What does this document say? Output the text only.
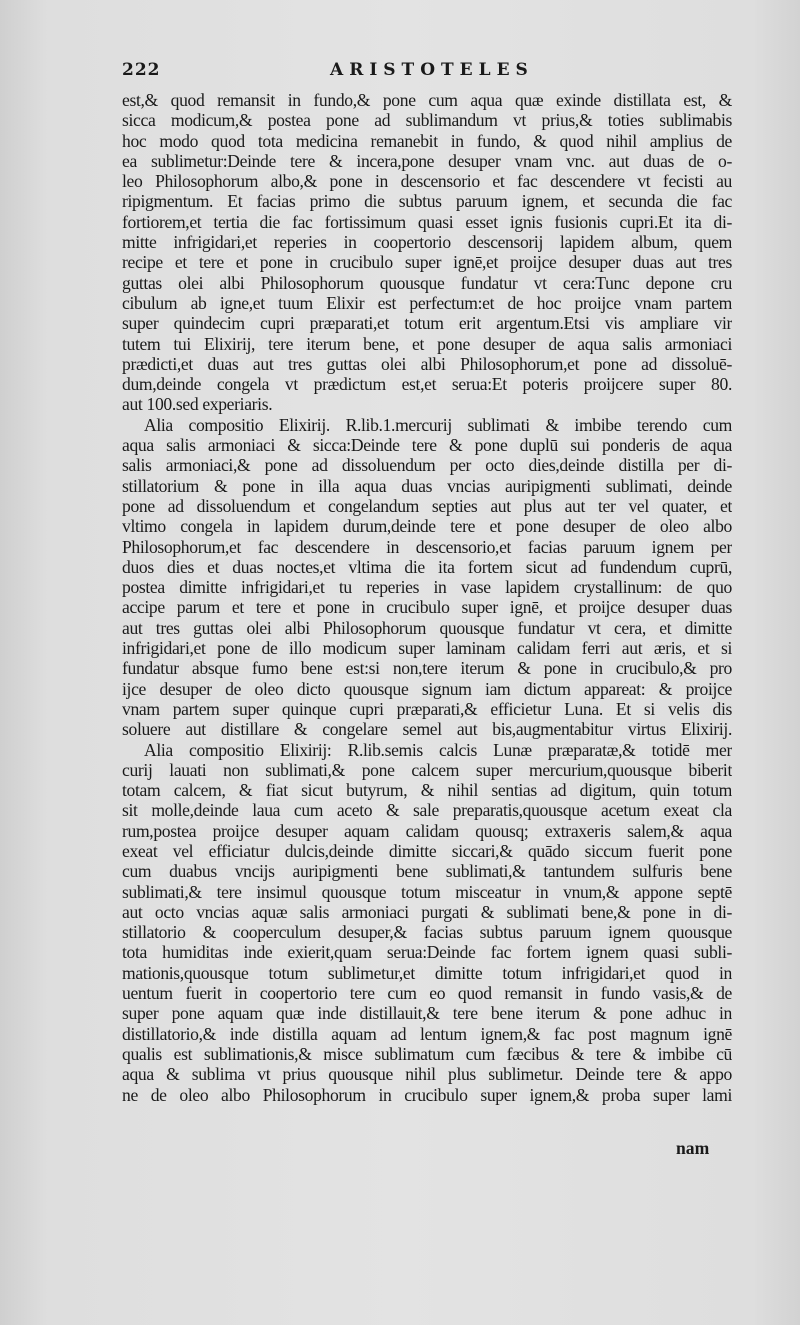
222	ARISTOTELES
est,& quod remansit in fundo,& pone cum aqua quæ exinde distillata est, &
sicca modicum,& postea pone ad sublimandum vt prius,& toties sublimabis
hoc modo quod tota medicina remanebit in fundo, & quod nihil amplius de
ea sublimetur:Deinde tere & incera,pone desuper vnam vnc. aut duas de o-
leo Philosophorum albo,& pone in descensorio et fac descendere vt fecisti au
ripigmentum. Et facias primo die subtus paruum ignem, et secunda die fac
fortiorem,et tertia die fac fortissimum quasi esset ignis fusionis cupri.Et ita di-
mitte infrigidari,et reperies in coopertorio descensorij lapidem album, quem
recipe et tere et pone in crucibulo super ignē,et proijce desuper duas aut tres
guttas olei albi Philosophorum quousque fundatur vt cera:Tunc depone cru
cibulum ab igne,et tuum Elixir est perfectum:et de hoc proijce vnam partem
super quindecim cupri præparati,et totum erit argentum.Etsi vis ampliare vir
tutem tui Elixirij, tere iterum bene, et pone desuper de aqua salis armoniaci
prædicti,et duas aut tres guttas olei albi Philosophorum,et pone ad dissoluē-
dum,deinde congela vt prædictum est,et serua:Et poteris proijcere super 80.
aut 100.sed experiaris.
Alia compositio Elixirij. R.lib.1.mercurij sublimati & imbibe terendo cum
aqua salis armoniaci & sicca:Deinde tere & pone duplū sui ponderis de aqua
salis armoniaci,& pone ad dissoluendum per octo dies,deinde distilla per di-
stillatorium & pone in illa aqua duas vncias auripigmenti sublimati, deinde
pone ad dissoluendum et congelandum septies aut plus aut ter vel quater, et
vltimo congela in lapidem durum,deinde tere et pone desuper de oleo albo
Philosophorum,et fac descendere in descensorio,et facias paruum ignem per
duos dies et duas noctes,et vltima die ita fortem sicut ad fundendum cuprū,
postea dimitte infrigidari,et tu reperies in vase lapidem crystallinum: de quo
accipe parum et tere et pone in crucibulo super ignē, et proijce desuper duas
aut tres guttas olei albi Philosophorum quousque fundatur vt cera, et dimitte
infrigidari,et pone de illo modicum super laminam calidam ferri aut æris, et si
fundatur absque fumo bene est:si non,tere iterum & pone in crucibulo,& pro
ijce desuper de oleo dicto quousque signum iam dictum appareat: & proijce
vnam partem super quinque cupri præparati,& efficietur Luna. Et si velis dis
soluere aut distillare & congelare semel aut bis,augmentabitur virtus Elixirij.
Alia compositio Elixirij: R.lib.semis calcis Lunæ præparatæ,& totidē mer
curij lauati non sublimati,& pone calcem super mercurium,quousque biberit
totam calcem, & fiat sicut butyrum, & nihil sentias ad digitum, quin totum
sit molle,deinde laua cum aceto & sale preparatis,quousque acetum exeat cla
rum,postea proijce desuper aquam calidam quousq; extraxeris salem,& aqua
exeat vel efficiatur dulcis,deinde dimitte siccari,& quādo siccum fuerit pone
cum duabus vncijs auripigmenti bene sublimati,& tantundem sulfuris bene
sublimati,& tere insimul quousque totum misceatur in vnum,& appone septē
aut octo vncias aquæ salis armoniaci purgati & sublimati bene,& pone in di-
stillatorio & cooperculum desuper,& facias subtus paruum ignem quousque
tota humiditas inde exierit,quam serua:Deinde fac fortem ignem quasi subli-
mationis,quousque totum sublimetur,et dimitte totum infrigidari,et quod in
uentum fuerit in coopertorio tere cum eo quod remansit in fundo vasis,& de
super pone aquam quæ inde distillauit,& tere bene iterum & pone adhuc in
distillatorio,& inde distilla aquam ad lentum ignem,& fac post magnum ignē
qualis est sublimationis,& misce sublimatum cum fæcibus & tere & imbibe cū
aqua & sublima vt prius quousque nihil plus sublimetur. Deinde tere & appo
ne de oleo albo Philosophorum in crucibulo super ignem,& proba super lami
nam
